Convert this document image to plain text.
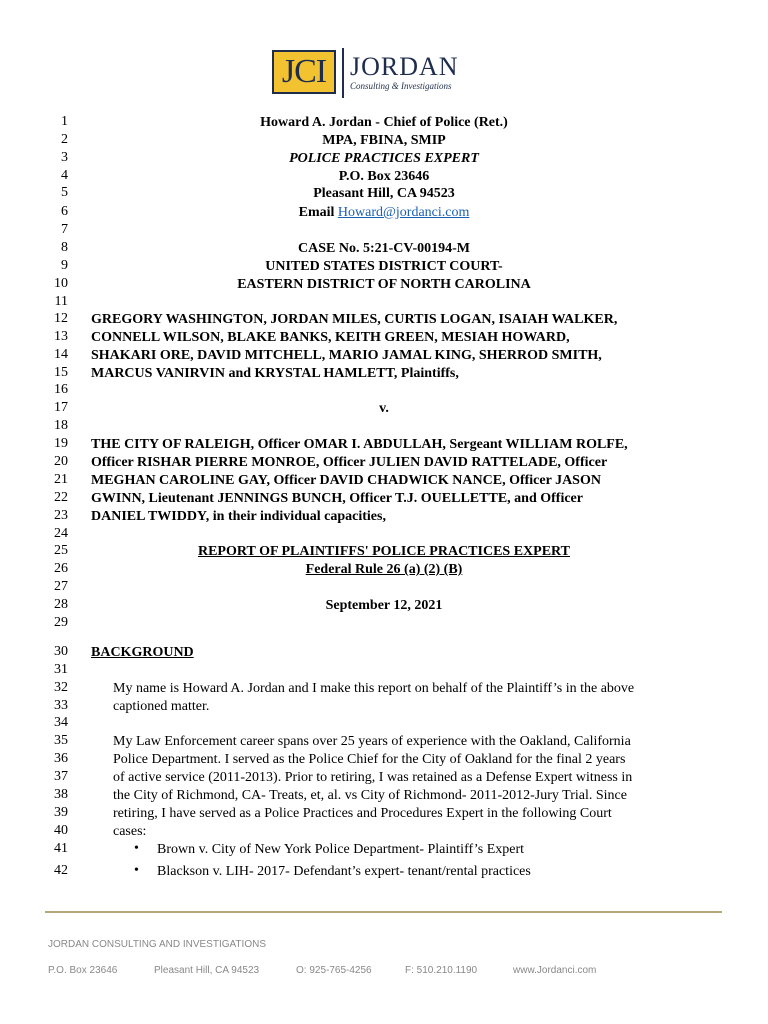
JCI JORDAN
Consulting & Investigations
1
2
3
4
5
6
7
8
9
10
11
12
13
14
15
16
17
18
19
20
21
22
23
24
25
26
27
28
29
30
31
32
33
34
35
36
37
38
39
40
41
42
Howard A. Jordan - Chief of Police (Ret.)
MPA, FBINA, SMIP
POLICE PRACTICES EXPERT
P.O. Box 23646
Pleasant Hill, CA 94523
Email Howard@jordanci.com
CASE No. 5:21-CV-00194-M
UNITED STATES DISTRICT COURT-
EASTERN DISTRICT OF NORTH CAROLINA
GREGORY WASHINGTON, JORDAN MILES, CURTIS LOGAN, ISAIAH WALKER,
CONNELL WILSON, BLAKE BANKS, KEITH GREEN, MESIAH HOWARD,
SHAKARI ORE, DAVID MITCHELL, MARIO JAMAL KING, SHERROD SMITH,
MARCUS VANIRVIN and KRYSTAL HAMLETT, Plaintiffs,
v.
THE CITY OF RALEIGH, Officer OMAR I. ABDULLAH, Sergeant WILLIAM ROLFE,
Officer RISHAR PIERRE MONROE, Officer JULIEN DAVID RATTELADE, Officer
MEGHAN CAROLINE GAY, Officer DAVID CHADWICK NANCE, Officer JASON
GWINN, Lieutenant JENNINGS BUNCH, Officer T.J. OUELLETTE, and Officer
DANIEL TWIDDY, in their individual capacities,
REPORT OF PLAINTIFFS' POLICE PRACTICES EXPERT
Federal Rule 26 (a) (2) (B)
September 12, 2021
BACKGROUND
My name is Howard A. Jordan and I make this report on behalf of the Plaintiff’s in the above
captioned matter.
My Law Enforcement career spans over 25 years of experience with the Oakland, California
Police Department. I served as the Police Chief for the City of Oakland for the final 2 years
of active service (2011-2013). Prior to retiring, I was retained as a Defense Expert witness in
the City of Richmond, CA- Treats, et, al. vs City of Richmond- 2011-2012-Jury Trial. Since
retiring, I have served as a Police Practices and Procedures Expert in the following Court
cases:
• Brown v. City of New York Police Department- Plaintiff’s Expert
• Blackson v. LIH- 2017- Defendant’s expert- tenant/rental practices
JORDAN CONSULTING AND INVESTIGATIONS
P.O. Box 23646	Pleasant Hill, CA 94523	O: 925-765-4256	F: 510.210.1190	www.Jordanci.com
